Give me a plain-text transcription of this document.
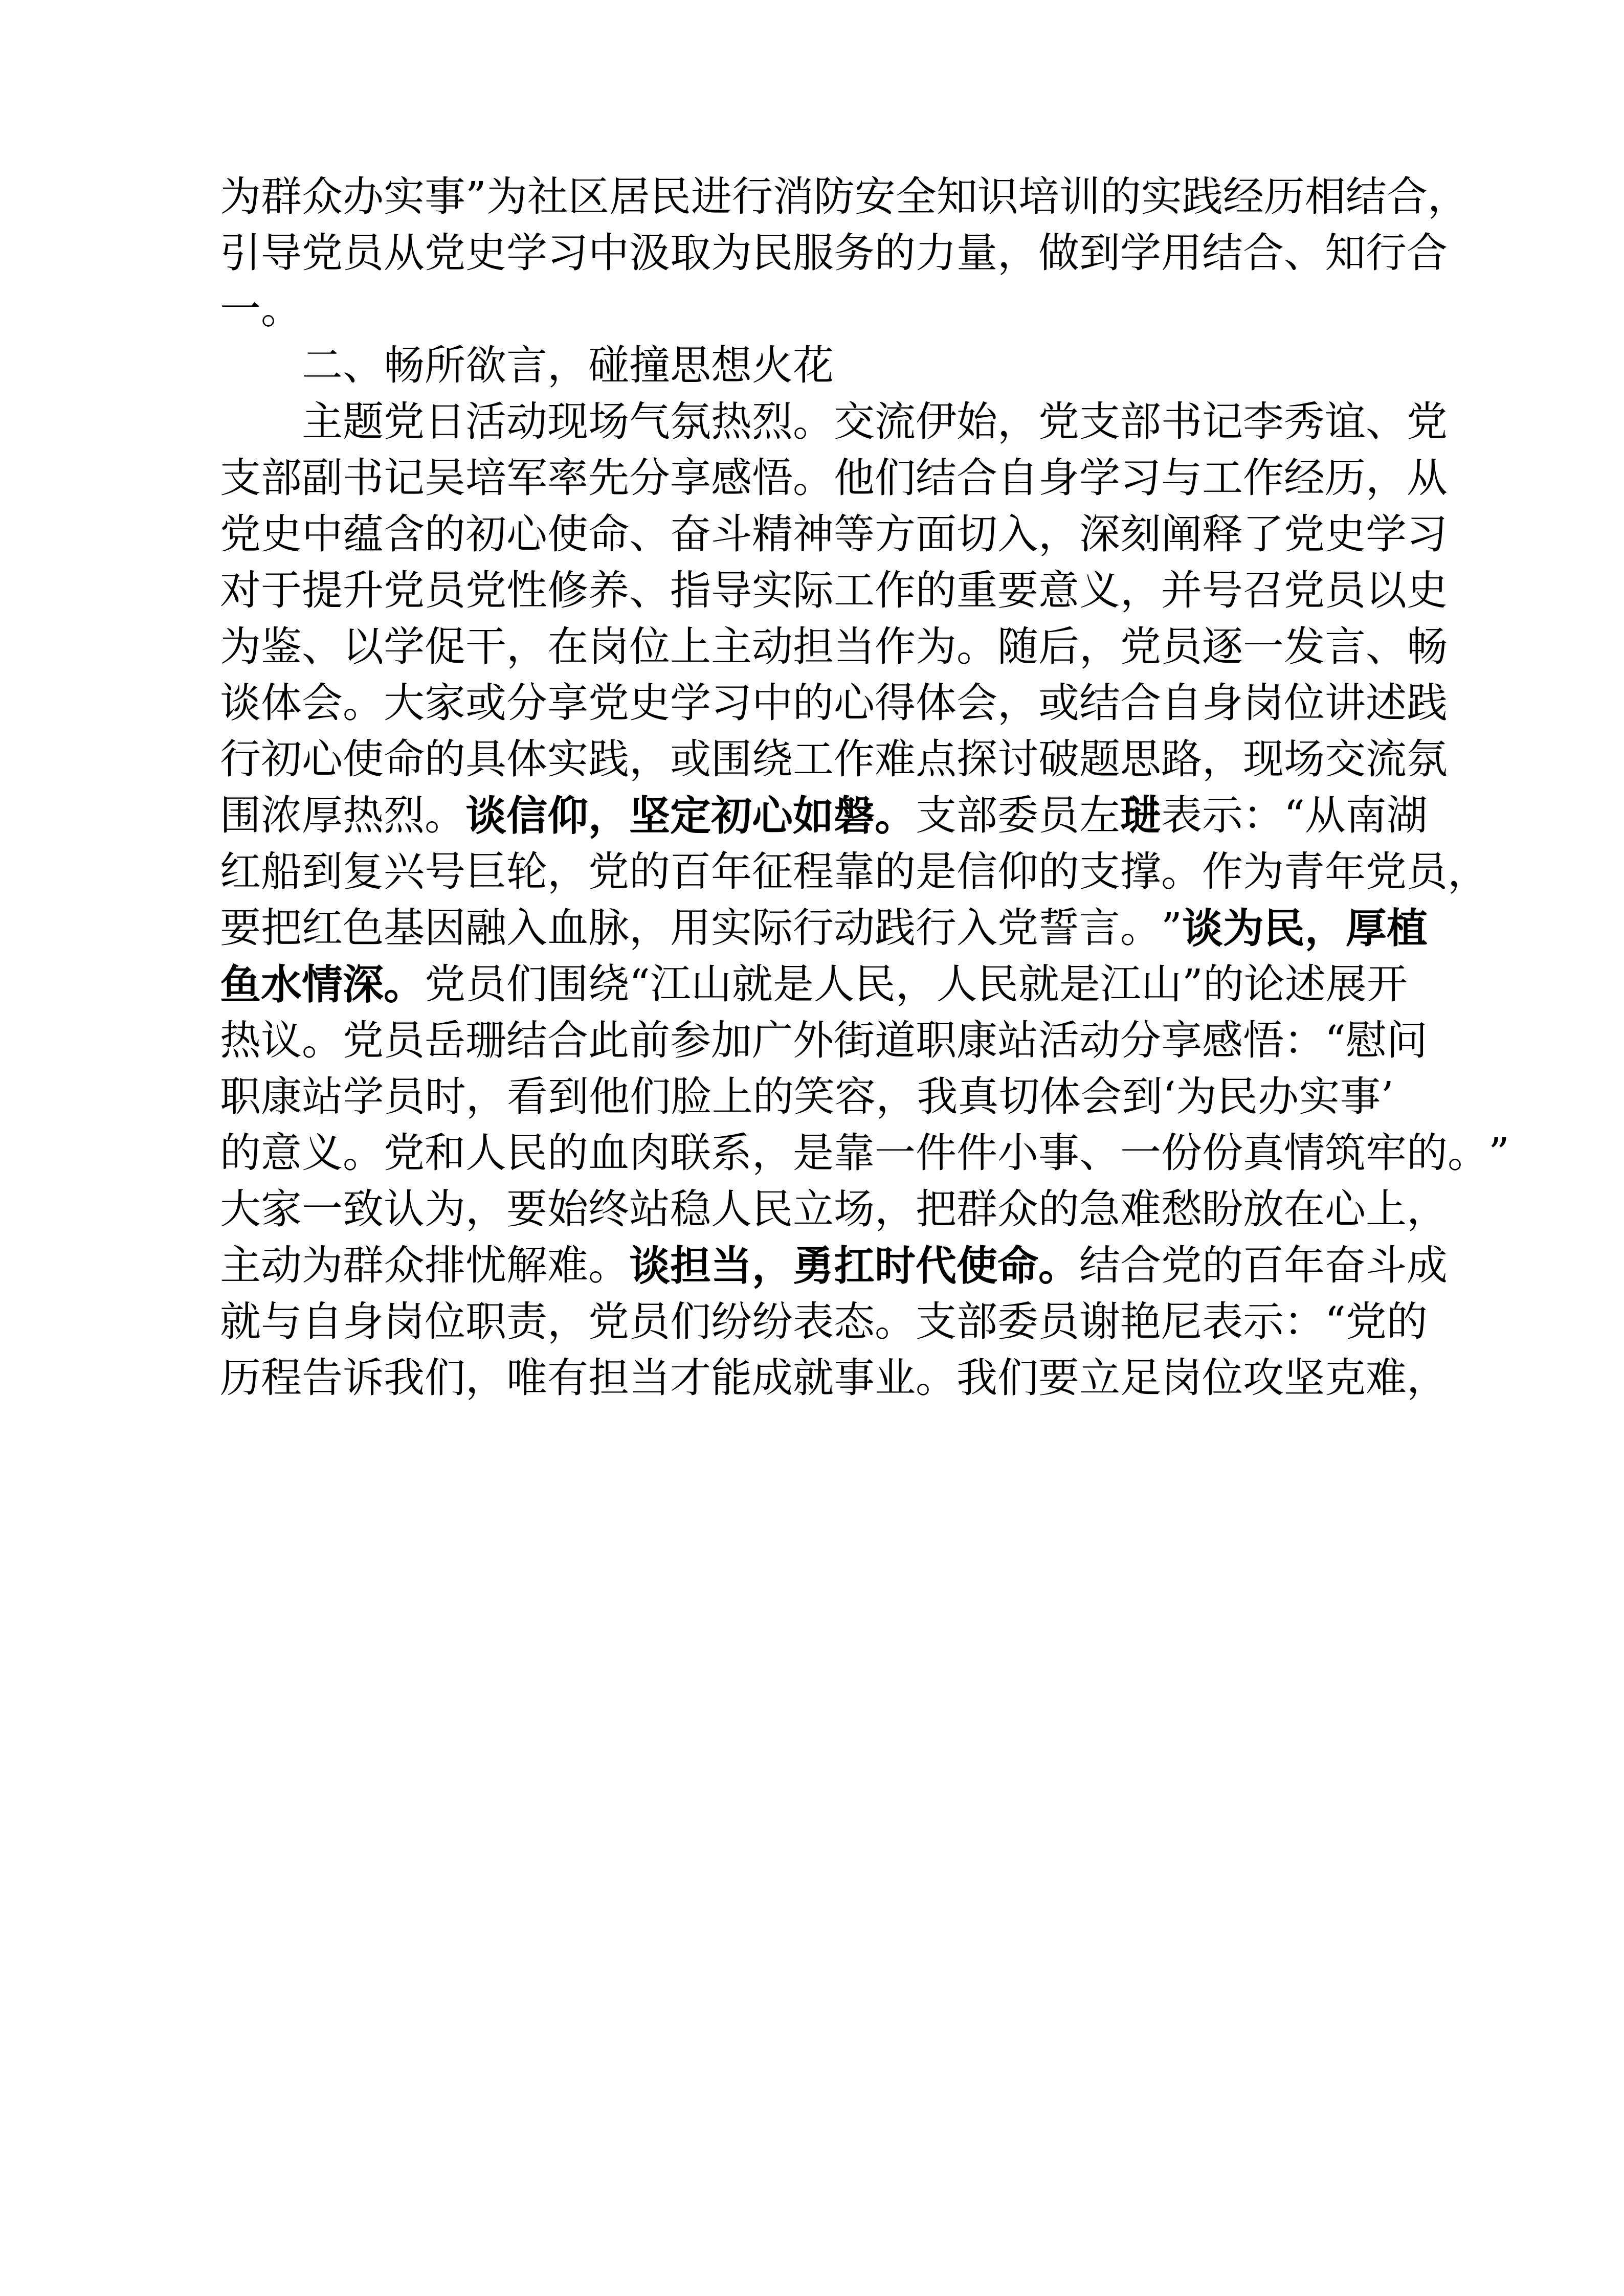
为 群 众 办 实 事 ” 为 社 区 居 民 进 行 消 防 安 全 知 识 培 训 的 实 践 经 历 相 结 合 ，
引 导 党 员 从 党 史 学 习 中 汲 取 为 民 服 务 的 力 量 ， 做 到 学 用 结 合 、 知 行 合
一。
二、畅所欲言，碰撞思想火花
主 题 党 日 活 动 现 场 气 氛 热 烈 。 交 流 伊 始 ， 党 支 部 书 记 李 秀 谊 、 党
支 部 副 书 记 吴 培 军 率 先 分 享 感 悟 。 他 们 结 合 自 身 学 习 与 工 作 经 历 ， 从
党 史 中 蕴 含 的 初 心 使 命 、 奋 斗 精 神 等 方 面 切 入 ， 深 刻 阐 释 了 党 史 学 习
对 于 提 升 党 员 党 性 修 养 、 指 导 实 际 工 作 的 重 要 意 义 ， 并 号 召 党 员 以 史
为 鉴 、 以 学 促 干 ， 在 岗 位 上 主 动 担 当 作 为 。 随 后 ， 党 员 逐 一 发 言 、 畅
谈 体 会 。 大 家 或 分 享 党 史 学 习 中 的 心 得 体 会 ， 或 结 合 自 身 岗 位 讲 述 践
行 初 心 使 命 的 具 体 实 践 ， 或 围 绕 工 作 难 点 探 讨 破 题 思 路 ， 现 场 交 流 氛
围 浓 厚 热 烈 。 谈 信 仰 ， 坚 定 初 心 如 磐 。 支 部 委 员 左 琎 表 示 ： “ 从 南 湖
红 船 到 复 兴 号 巨 轮 ， 党 的 百 年 征 程 靠 的 是 信 仰 的 支 撑 。 作 为 青 年 党 员 ，
要 把 红 色 基 因 融 入 血 脉 ， 用 实 际 行 动 践 行 入 党 誓 言 。 ” 谈 为 民 ， 厚 植
鱼 水 情 深 。 党 员 们 围 绕 “ 江 山 就 是 人 民 ， 人 民 就 是 江 山 ” 的 论 述 展 开
热 议 。 党 员 岳 珊 结 合 此 前 参 加 广 外 街 道 职 康 站 活 动 分 享 感 悟 ： “ 慰 问
职 康 站 学 员 时 ， 看 到 他 们 脸 上 的 笑 容 ， 我 真 切 体 会 到 ‘ 为 民 办 实 事 ’
的 意 义 。 党 和 人 民 的 血 肉 联 系 ， 是 靠 一 件 件 小 事 、 一 份 份 真 情 筑 牢 的 。 ”
大 家 一 致 认 为 ， 要 始 终 站 稳 人 民 立 场 ， 把 群 众 的 急 难 愁 盼 放 在 心 上 ，
主 动 为 群 众 排 忧 解 难 。 谈 担 当 ， 勇 扛 时 代 使 命 。 结 合 党 的 百 年 奋 斗 成
就 与 自 身 岗 位 职 责 ， 党 员 们 纷 纷 表 态 。 支 部 委 员 谢 艳 尼 表 示 ： “ 党 的
历 程 告 诉 我 们 ， 唯 有 担 当 才 能 成 就 事 业 。 我 们 要 立 足 岗 位 攻 坚 克 难 ，
